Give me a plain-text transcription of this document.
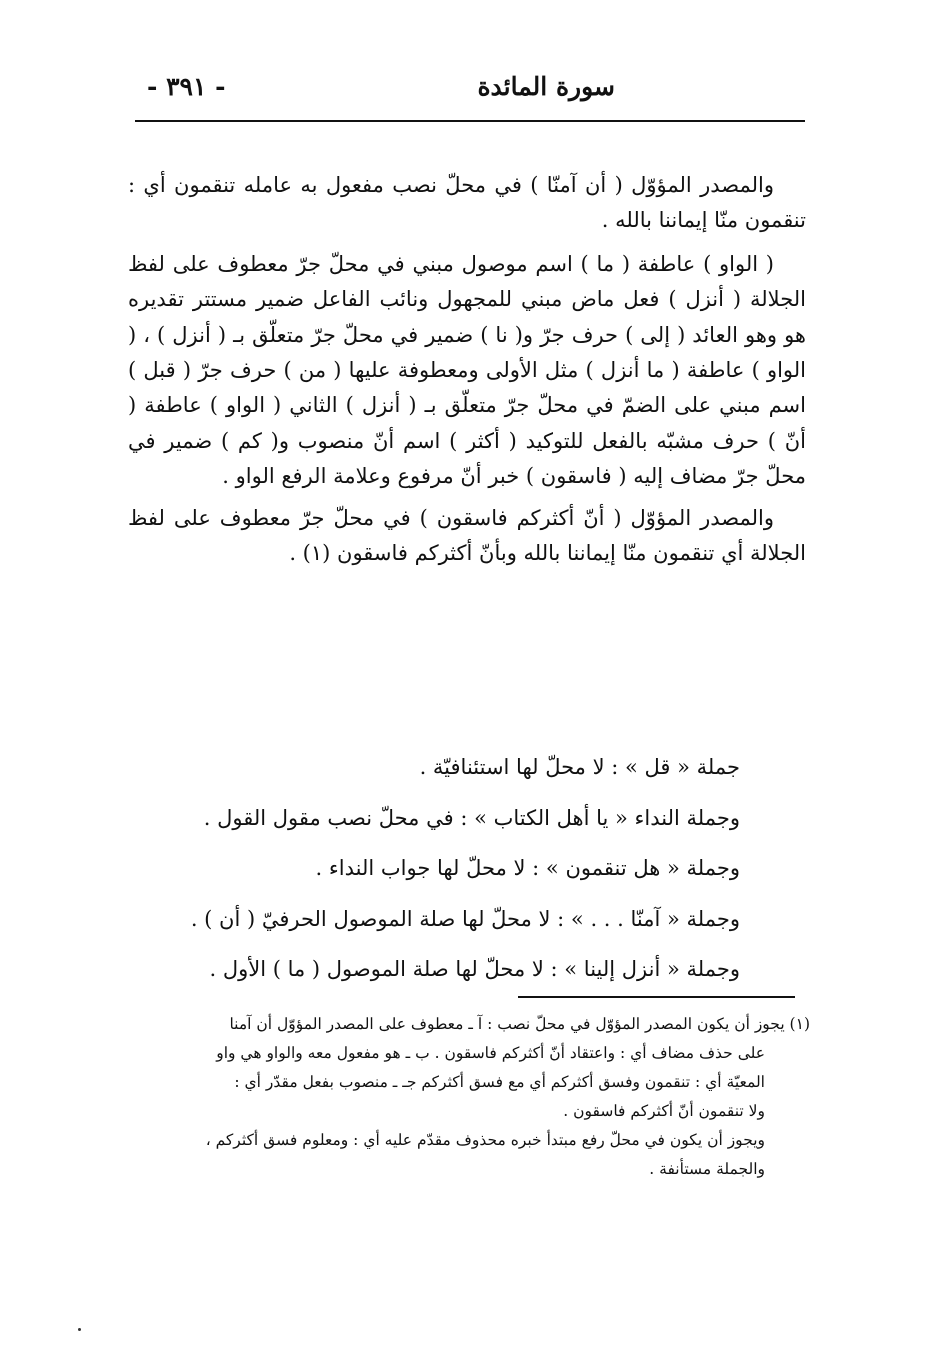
سورة المائدة
- ٣٩١ -

والمصدر المؤوّل ( أن آمنّا ) في محلّ نصب مفعول به عامله تنقمون أي : تنقمون منّا إيماننا بالله .

( الواو ) عاطفة ( ما ) اسم موصول مبني في محلّ جرّ معطوف على لفظ الجلالة ( أنزل ) فعل ماض مبني للمجهول ونائب الفاعل ضمير مستتر تقديره هو وهو العائد ( إلى ) حرف جرّ و( نا ) ضمير في محلّ جرّ متعلّق بـ ( أنزل ) ، ( الواو ) عاطفة ( ما أنزل ) مثل الأولى ومعطوفة عليها ( من ) حرف جرّ ( قبل ) اسم مبني على الضمّ في محلّ جرّ متعلّق بـ ( أنزل ) الثاني ( الواو ) عاطفة ( أنّ ) حرف مشبّه بالفعل للتوكيد ( أكثر ) اسم أنّ منصوب و( كم ) ضمير في محلّ جرّ مضاف إليه ( فاسقون ) خبر أنّ مرفوع وعلامة الرفع الواو .

والمصدر المؤوّل ( أنّ أكثركم فاسقون ) في محلّ جرّ معطوف على لفظ الجلالة أي تنقمون منّا إيماننا بالله وبأنّ أكثركم فاسقون (١) .

جملة « قل » : لا محلّ لها استئنافيّة .
وجملة النداء « يا أهل الكتاب » : في محلّ نصب مقول القول .
وجملة « هل تنقمون » : لا محلّ لها جواب النداء .
وجملة « آمنّا . . . » : لا محلّ لها صلة الموصول الحرفيّ ( أن ) .
وجملة « أنزل إلينا » : لا محلّ لها صلة الموصول ( ما ) الأول .
(١) يجوز أن يكون المصدر المؤوّل في محلّ نصب : آ ـ معطوف على المصدر المؤوّل أن آمنا
على حذف مضاف أي : واعتقاد أنّ أكثركم فاسقون . ب ـ هو مفعول معه والواو هي واو
المعيّة أي : تنقمون وفسق أكثركم أي مع فسق أكثركم جـ ـ منصوب بفعل مقدّر أي :
ولا تنقمون أنّ أكثركم فاسقون .
ويجوز أن يكون في محلّ رفع مبتدأ خبره محذوف مقدّم عليه أي : ومعلوم فسق أكثركم ،
والجملة مستأنفة .
